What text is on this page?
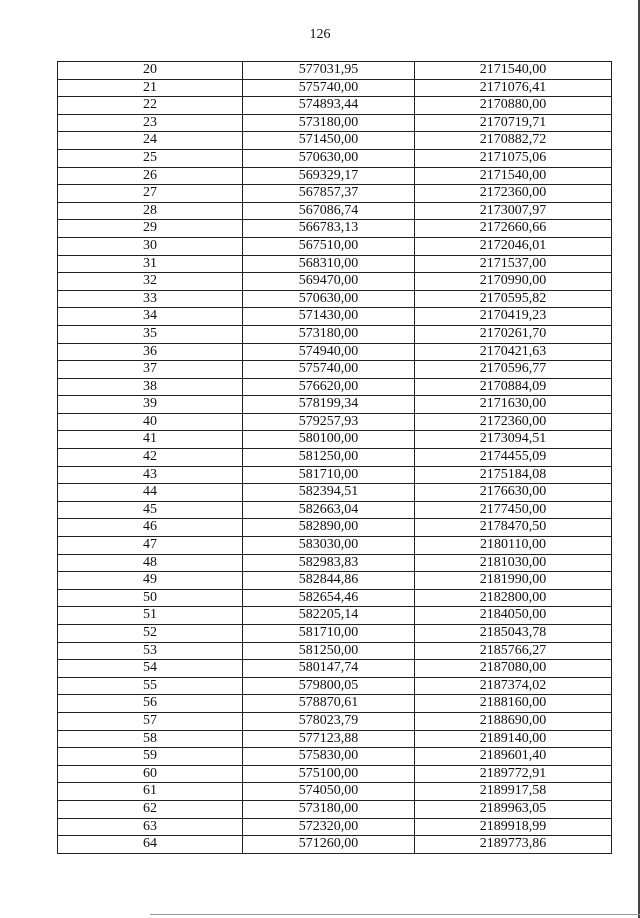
126
20	577031,95	2171540,00
21	575740,00	2171076,41
22	574893,44	2170880,00
23	573180,00	2170719,71
24	571450,00	2170882,72
25	570630,00	2171075,06
26	569329,17	2171540,00
27	567857,37	2172360,00
28	567086,74	2173007,97
29	566783,13	2172660,66
30	567510,00	2172046,01
31	568310,00	2171537,00
32	569470,00	2170990,00
33	570630,00	2170595,82
34	571430,00	2170419,23
35	573180,00	2170261,70
36	574940,00	2170421,63
37	575740,00	2170596,77
38	576620,00	2170884,09
39	578199,34	2171630,00
40	579257,93	2172360,00
41	580100,00	2173094,51
42	581250,00	2174455,09
43	581710,00	2175184,08
44	582394,51	2176630,00
45	582663,04	2177450,00
46	582890,00	2178470,50
47	583030,00	2180110,00
48	582983,83	2181030,00
49	582844,86	2181990,00
50	582654,46	2182800,00
51	582205,14	2184050,00
52	581710,00	2185043,78
53	581250,00	2185766,27
54	580147,74	2187080,00
55	579800,05	2187374,02
56	578870,61	2188160,00
57	578023,79	2188690,00
58	577123,88	2189140,00
59	575830,00	2189601,40
60	575100,00	2189772,91
61	574050,00	2189917,58
62	573180,00	2189963,05
63	572320,00	2189918,99
64	571260,00	2189773,86
